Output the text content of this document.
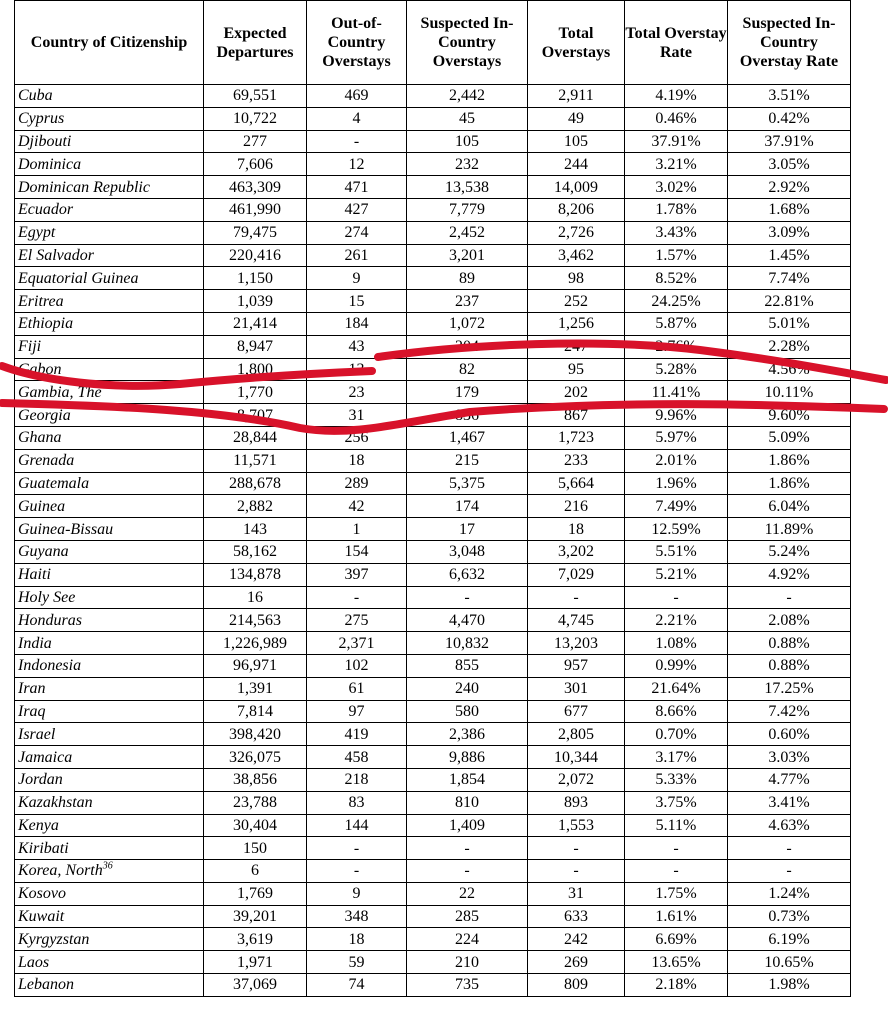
Country of Citizenship	Expected Departures	Out-of-Country Overstays	Suspected In-Country Overstays	Total Overstays	Total Overstay Rate	Suspected In-Country Overstay Rate
Cuba	69,551	469	2,442	2,911	4.19%	3.51%
Cyprus	10,722	4	45	49	0.46%	0.42%
Djibouti	277	-	105	105	37.91%	37.91%
Dominica	7,606	12	232	244	3.21%	3.05%
Dominican Republic	463,309	471	13,538	14,009	3.02%	2.92%
Ecuador	461,990	427	7,779	8,206	1.78%	1.68%
Egypt	79,475	274	2,452	2,726	3.43%	3.09%
El Salvador	220,416	261	3,201	3,462	1.57%	1.45%
Equatorial Guinea	1,150	9	89	98	8.52%	7.74%
Eritrea	1,039	15	237	252	24.25%	22.81%
Ethiopia	21,414	184	1,072	1,256	5.87%	5.01%
Fiji	8,947	43	204	247	2.76%	2.28%
Gabon	1,800	13	82	95	5.28%	4.56%
Gambia, The	1,770	23	179	202	11.41%	10.11%
Georgia	8,707	31	836	867	9.96%	9.60%
Ghana	28,844	256	1,467	1,723	5.97%	5.09%
Grenada	11,571	18	215	233	2.01%	1.86%
Guatemala	288,678	289	5,375	5,664	1.96%	1.86%
Guinea	2,882	42	174	216	7.49%	6.04%
Guinea-Bissau	143	1	17	18	12.59%	11.89%
Guyana	58,162	154	3,048	3,202	5.51%	5.24%
Haiti	134,878	397	6,632	7,029	5.21%	4.92%
Holy See	16	-	-	-	-	-
Honduras	214,563	275	4,470	4,745	2.21%	2.08%
India	1,226,989	2,371	10,832	13,203	1.08%	0.88%
Indonesia	96,971	102	855	957	0.99%	0.88%
Iran	1,391	61	240	301	21.64%	17.25%
Iraq	7,814	97	580	677	8.66%	7.42%
Israel	398,420	419	2,386	2,805	0.70%	0.60%
Jamaica	326,075	458	9,886	10,344	3.17%	3.03%
Jordan	38,856	218	1,854	2,072	5.33%	4.77%
Kazakhstan	23,788	83	810	893	3.75%	3.41%
Kenya	30,404	144	1,409	1,553	5.11%	4.63%
Kiribati	150	-	-	-	-	-
Korea, North$^{36}$	6	-	-	-	-	-
Kosovo	1,769	9	22	31	1.75%	1.24%
Kuwait	39,201	348	285	633	1.61%	0.73%
Kyrgyzstan	3,619	18	224	242	6.69%	6.19%
Laos	1,971	59	210	269	13.65%	10.65%
Lebanon	37,069	74	735	809	2.18%	1.98%
